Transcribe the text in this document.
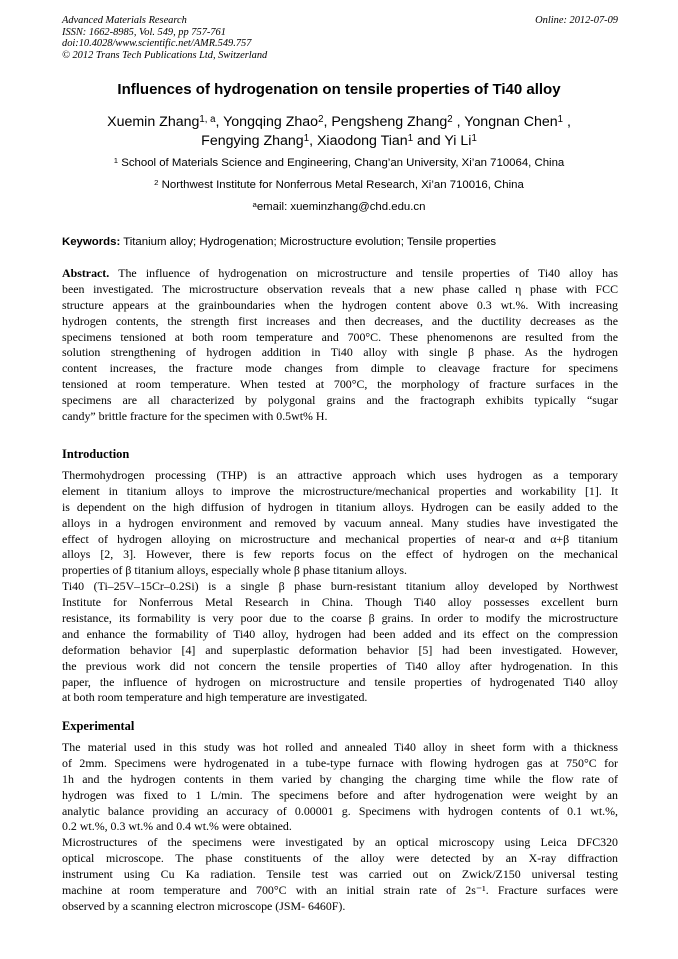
Advanced Materials Research
ISSN: 1662-8985, Vol. 549, pp 757-761
doi:10.4028/www.scientific.net/AMR.549.757
© 2012 Trans Tech Publications Ltd, Switzerland
Online: 2012-07-09
Influences of hydrogenation on tensile properties of Ti40 alloy
Xuemin Zhang$^{1, a}$, Yongqing Zhao$^2$, Pengsheng Zhang$^2$ , Yongnan Chen$^1$ ,
Fengying Zhang$^1$, Xiaodong Tian$^1$ and Yi Li$^1$
$^1$ School of Materials Science and Engineering, Chang’an University, Xi’an 710064, China
$^2$ Northwest Institute for Nonferrous Metal Research, Xi’an 710016, China
$^a$email: xueminzhang@chd.edu.cn
Keywords: Titanium alloy; Hydrogenation; Microstructure evolution; Tensile properties
Abstract. The influence of hydrogenation on microstructure and tensile properties of Ti40 alloy has
been investigated. The microstructure observation reveals that a new phase called η phase with FCC
structure appears at the grainboundaries when the hydrogen content above 0.3 wt.%. With increasing
hydrogen contents, the strength first increases and then decreases, and the ductility decreases as the
specimens tensioned at both room temperature and 700°C. These phenomenons are resulted from the
solution strengthening of hydrogen addition in Ti40 alloy with single β phase. As the hydrogen
content increases, the fracture mode changes from dimple to cleavage fracture for specimens
tensioned at room temperature. When tested at 700°C, the morphology of fracture surfaces in the
specimens are all characterized by polygonal grains and the fractograph exhibits typically “sugar
candy” brittle fracture for the specimen with 0.5wt% H.
Introduction
Thermohydrogen processing (THP) is an attractive approach which uses hydrogen as a temporary
element in titanium alloys to improve the microstructure/mechanical properties and workability [1]. It
is dependent on the high diffusion of hydrogen in titanium alloys. Hydrogen can be easily added to the
alloys in a hydrogen environment and removed by vacuum anneal. Many studies have investigated the
effect of hydrogen alloying on microstructure and mechanical properties of near-α and α+β titanium
alloys [2, 3]. However, there is few reports focus on the effect of hydrogen on the mechanical
properties of β titanium alloys, especially whole β phase titanium alloys.
Ti40 (Ti–25V–15Cr–0.2Si) is a single β phase burn-resistant titanium alloy developed by Northwest
Institute for Nonferrous Metal Research in China. Though Ti40 alloy possesses excellent burn
resistance, its formability is very poor due to the coarse β grains. In order to modify the microstructure
and enhance the formability of Ti40 alloy, hydrogen had been added and its effect on the compression
deformation behavior [4] and superplastic deformation behavior [5] had been investigated. However,
the previous work did not concern the tensile properties of Ti40 alloy after hydrogenation. In this
paper, the influence of hydrogen on microstructure and tensile properties of hydrogenated Ti40 alloy
at both room temperature and high temperature are investigated.
Experimental
The material used in this study was hot rolled and annealed Ti40 alloy in sheet form with a thickness
of 2mm. Specimens were hydrogenated in a tube-type furnace with flowing hydrogen gas at 750°C for
1h and the hydrogen contents in them varied by changing the charging time while the flow rate of
hydrogen was fixed to 1 L/min. The specimens before and after hydrogenation were weight by an
analytic balance providing an accuracy of 0.00001 g. Specimens with hydrogen contents of 0.1 wt.%,
0.2 wt.%, 0.3 wt.% and 0.4 wt.% were obtained.
Microstructures of the specimens were investigated by an optical microscopy using Leica DFC320
optical microscope. The phase constituents of the alloy were detected by an X-ray diffraction
instrument using Cu Ka radiation. Tensile test was carried out on Zwick/Z150 universal testing
machine at room temperature and 700°C with an initial strain rate of 2s⁻¹. Fracture surfaces were
observed by a scanning electron microscope (JSM- 6460F).
